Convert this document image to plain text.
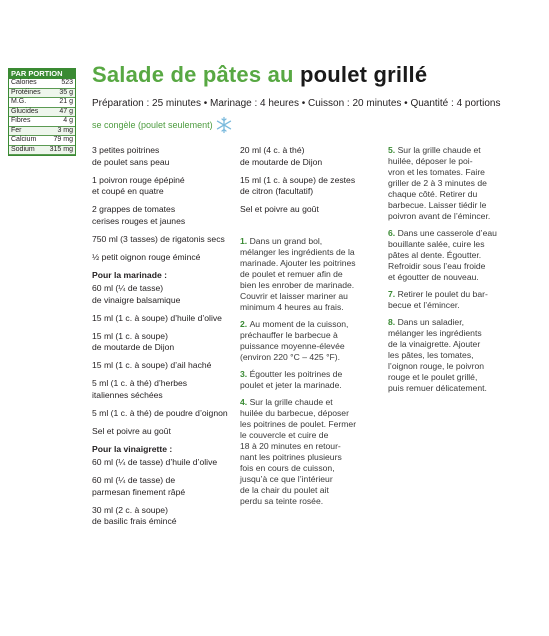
PAR PORTION
Calories	523
Protéines	35 g
M.G.	21 g
Glucides	47 g
Fibres	4 g
Fer	3 mg
Calcium 79 mg
Sodium 315 mg
Salade de pâtes au poulet grillé
Préparation : 25 minutes • Marinage : 4 heures • Cuisson : 20 minutes • Quantité : 4 portions
se congèle (poulet seulement)
3 petites poitrines
de poulet sans peau
1 poivron rouge épépiné
et coupé en quatre
2 grappes de tomates
cerises rouges et jaunes
750 ml (3 tasses) de rigatonis secs
½ petit oignon rouge émincé
Pour la marinade :
60 ml (¼ de tasse)
de vinaigre balsamique
15 ml (1 c. à soupe) d’huile d’olive
15 ml (1 c. à soupe)
de moutarde de Dijon
15 ml (1 c. à soupe) d’ail haché
5 ml (1 c. à thé) d’herbes
italiennes séchées
5 ml (1 c. à thé) de poudre d’oignon
Sel et poivre au goût
Pour la vinaigrette :
60 ml (¼ de tasse) d’huile d’olive
60 ml (¼ de tasse) de
parmesan finement râpé
30 ml (2 c. à soupe)
de basilic frais émincé
20 ml (4 c. à thé)
de moutarde de Dijon
15 ml (1 c. à soupe) de zestes
de citron (facultatif)
Sel et poivre au goût
1. Dans un grand bol,
mélanger les ingrédients de la
marinade. Ajouter les poitrines
de poulet et remuer afin de
bien les enrober de marinade.
Couvrir et laisser mariner au
minimum 4 heures au frais.
2. Au moment de la cuisson,
préchauffer le barbecue à
puissance moyenne-élevée
(environ 220 °C – 425 °F).
3. Égoutter les poitrines de
poulet et jeter la marinade.
4. Sur la grille chaude et
huilée du barbecue, déposer
les poitrines de poulet. Fermer
le couvercle et cuire de
18 à 20 minutes en retour-
nant les poitrines plusieurs
fois en cours de cuisson,
jusqu’à ce que l’intérieur
de la chair du poulet ait
perdu sa teinte rosée.
5. Sur la grille chaude et
huilée, déposer le poi-
vron et les tomates. Faire
griller de 2 à 3 minutes de
chaque côté. Retirer du
barbecue. Laisser tiédir le
poivron avant de l’émincer.
6. Dans une casserole d’eau
bouillante salée, cuire les
pâtes al dente. Égoutter.
Refroidir sous l’eau froide
et égoutter de nouveau.
7. Retirer le poulet du bar-
becue et l’émincer.
8. Dans un saladier,
mélanger les ingrédients
de la vinaigrette. Ajouter
les pâtes, les tomates,
l’oignon rouge, le poivron
rouge et le poulet grillé,
puis remuer délicatement.
